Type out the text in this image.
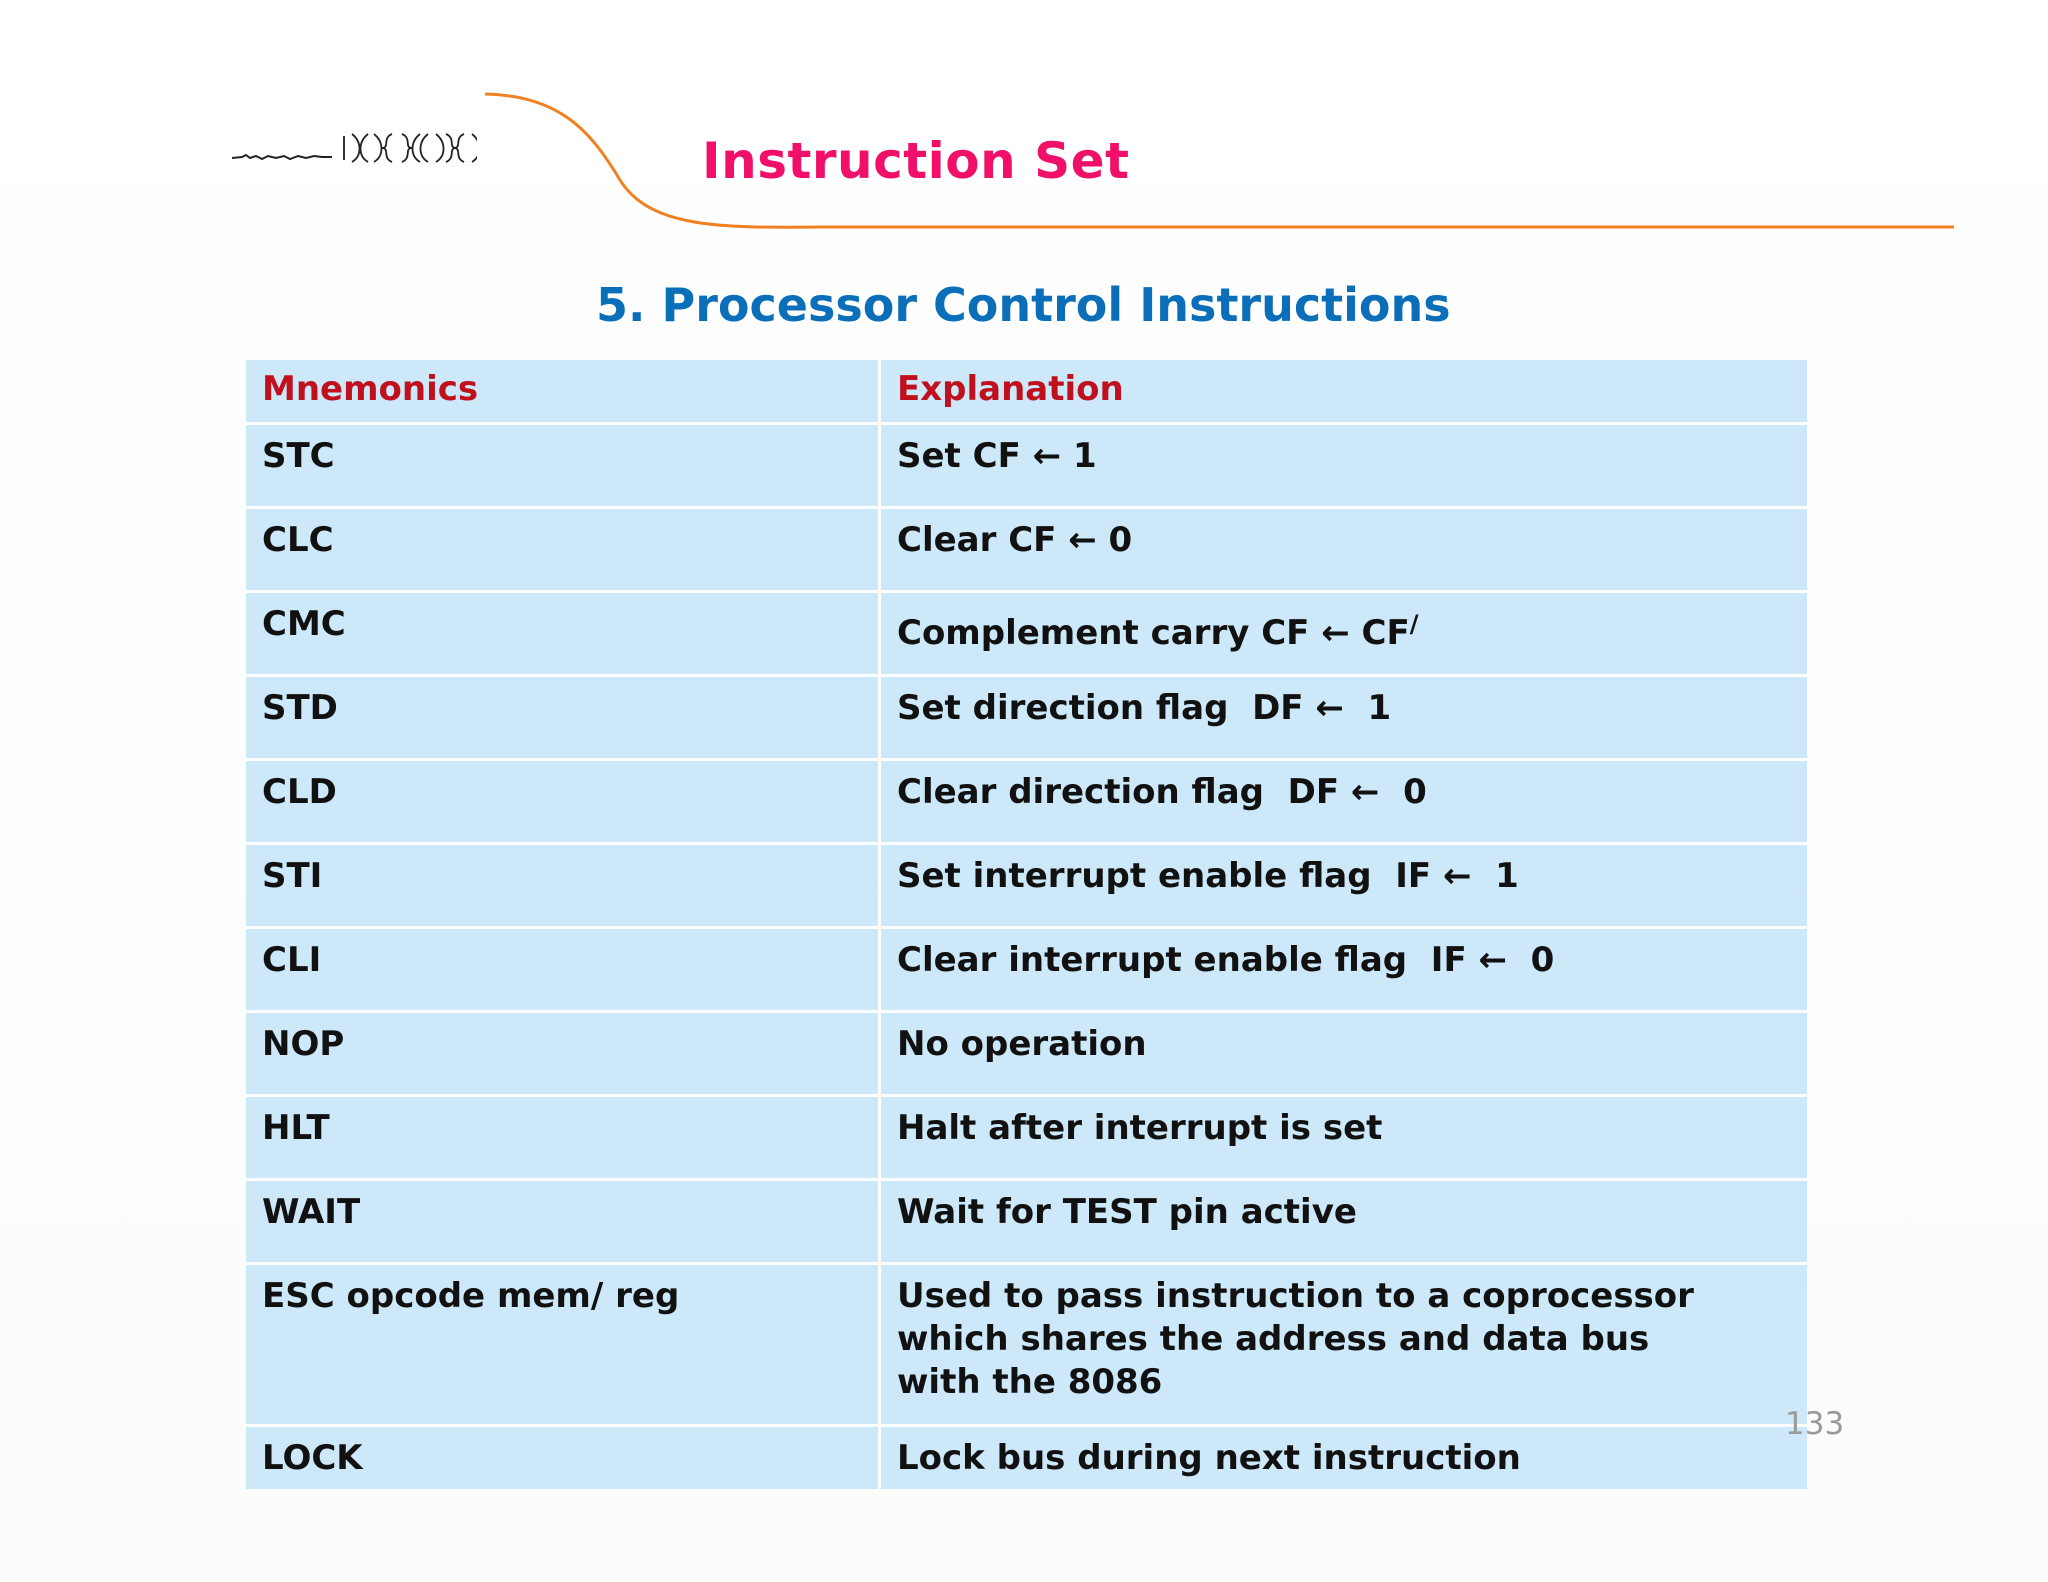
Instruction Set
5. Processor Control Instructions
Mnemonics	Explanation
STC	Set CF ← 1
CLC	Clear CF ← 0
CMC	Complement carry CF ← CF/
STD	Set direction flag  DF ←  1
CLD	Clear direction flag  DF ←  0
STI	Set interrupt enable flag  IF ←  1
CLI	Clear interrupt enable flag  IF ←  0
NOP	No operation
HLT	Halt after interrupt is set
WAIT	Wait for TEST pin active
ESC opcode mem/ reg	Used to pass instruction to a coprocessor
which shares the address and data bus
with the 8086

LOCK	Lock bus during next instruction
133
